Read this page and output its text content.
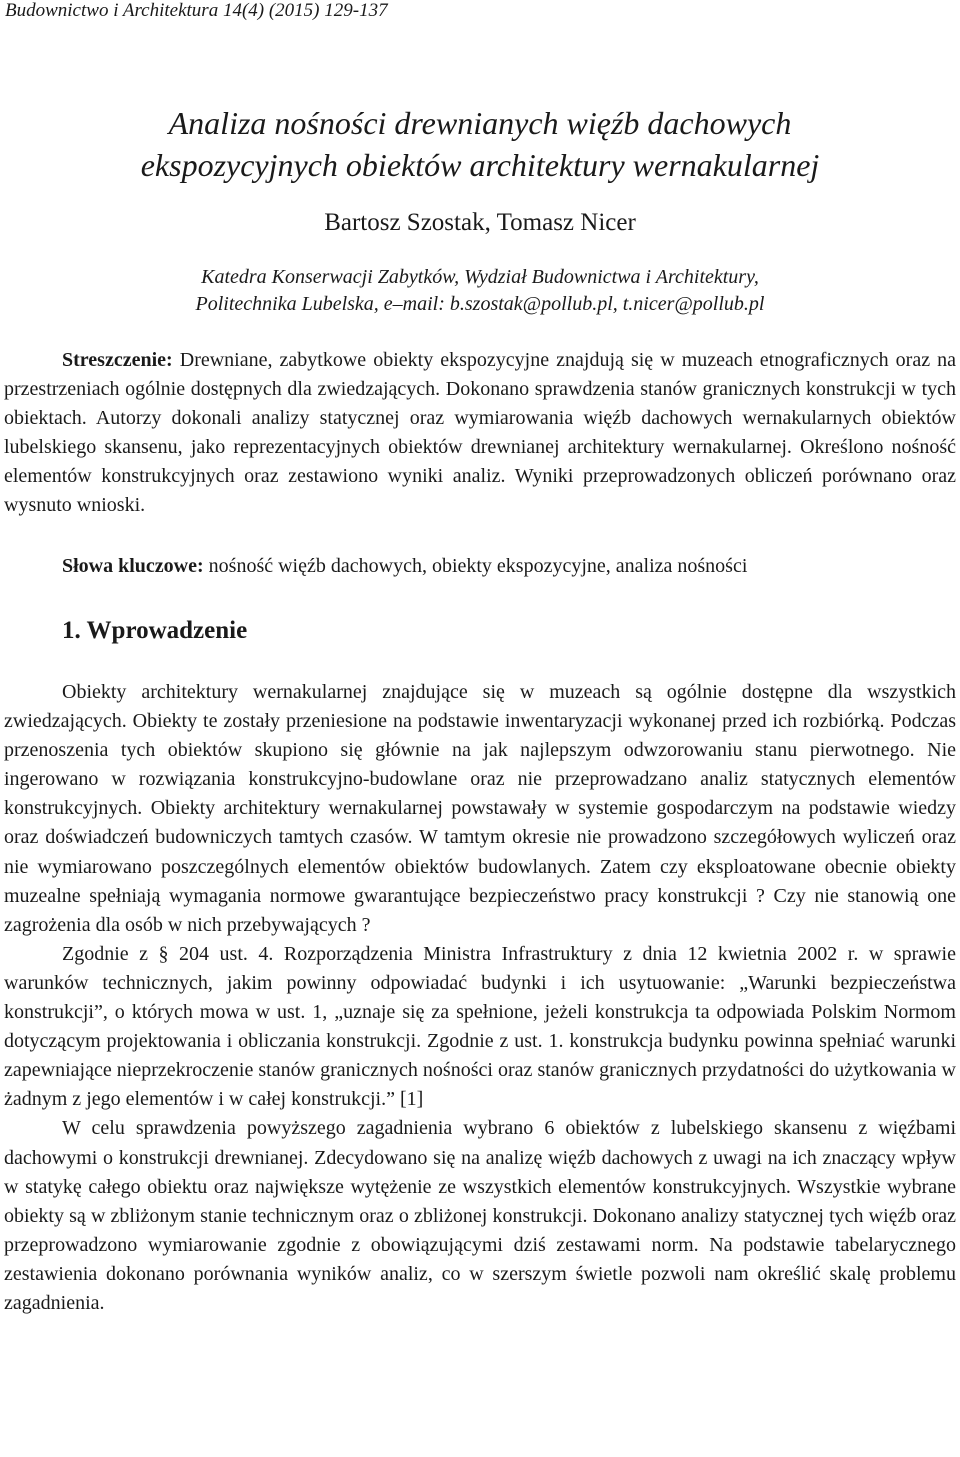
Budownictwo i Architektura 14(4) (2015) 129-137
Analiza nośności drewnianych więźb dachowych
ekspozycyjnych obiektów architektury wernakularnej
Bartosz Szostak, Tomasz Nicer
Katedra Konserwacji Zabytków, Wydział Budownictwa i Architektury,
Politechnika Lubelska, e–mail: b.szostak@pollub.pl, t.nicer@pollub.pl
Streszczenie: Drewniane, zabytkowe obiekty ekspozycyjne znajdują się w muzeach etnograficznych oraz na przestrzeniach ogólnie dostępnych dla zwiedzających. Dokonano sprawdzenia stanów granicznych konstrukcji w tych obiektach. Autorzy dokonali analizy statycznej oraz wymiarowania więźb dachowych wernakularnych obiektów lubelskiego skansenu, jako reprezentacyjnych obiektów drewnianej architektury wernakularnej. Określono nośność elementów konstrukcyjnych oraz zestawiono wyniki analiz. Wyniki przeprowadzonych obliczeń porównano oraz wysnuto wnioski.
Słowa kluczowe: nośność więźb dachowych, obiekty ekspozycyjne, analiza nośności
1. Wprowadzenie

Obiekty architektury wernakularnej znajdujące się w muzeach są ogólnie dostępne dla wszystkich zwiedzających. Obiekty te zostały przeniesione na podstawie inwentaryzacji wykonanej przed ich rozbiórką. Podczas przenoszenia tych obiektów skupiono się głównie na jak najlepszym odwzorowaniu stanu pierwotnego. Nie ingerowano w rozwiązania konstrukcyjno-budowlane oraz nie przeprowadzano analiz statycznych elementów konstrukcyjnych. Obiekty architektury wernakularnej powstawały w systemie gospodarczym na podstawie wiedzy oraz doświadczeń budowniczych tamtych czasów. W tamtym okresie nie prowadzono szczegółowych wyliczeń oraz nie wymiarowano poszczególnych elementów obiektów budowlanych. Zatem czy eksploatowane obecnie obiekty muzealne spełniają wymagania normowe gwarantujące bezpieczeństwo pracy konstrukcji ? Czy nie stanowią one zagrożenia dla osób w nich przebywających ?

Zgodnie z § 204 ust. 4. Rozporządzenia Ministra Infrastruktury z dnia 12 kwietnia 2002 r. w sprawie warunków technicznych, jakim powinny odpowiadać budynki i ich usytuowanie: „Warunki bezpieczeństwa konstrukcji”, o których mowa w ust. 1, „uznaje się za spełnione, jeżeli konstrukcja ta odpowiada Polskim Normom dotyczącym projektowania i obliczania konstrukcji. Zgodnie z ust. 1. konstrukcja budynku powinna spełniać warunki zapewniające nieprzekroczenie stanów granicznych nośności oraz stanów granicznych przydatności do użytkowania w żadnym z jego elementów i w całej konstrukcji.” [1]

W celu sprawdzenia powyższego zagadnienia wybrano 6 obiektów z lubelskiego skansenu z więźbami dachowymi o konstrukcji drewnianej. Zdecydowano się na analizę więźb dachowych z uwagi na ich znaczący wpływ w statykę całego obiektu oraz największe wytężenie ze wszystkich elementów konstrukcyjnych. Wszystkie wybrane obiekty są w zbliżonym stanie technicznym oraz o zbliżonej konstrukcji. Dokonano analizy statycznej tych więźb oraz przeprowadzono wymiarowanie zgodnie z obowiązującymi dziś zestawami norm. Na podstawie tabelarycznego zestawienia dokonano porównania wyników analiz, co w szerszym świetle pozwoli nam określić skalę problemu zagadnienia.
